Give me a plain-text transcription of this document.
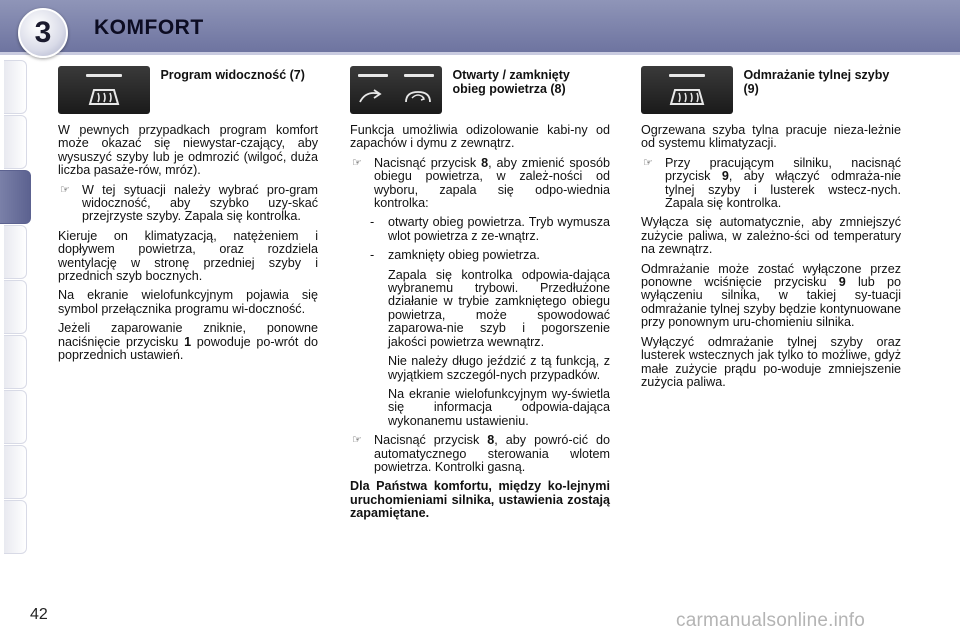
3	KOMFORT
Program widoczność (7)

W pewnych przypadkach program komfort może okazać się niewystar-czający, aby wysuszyć szyby lub je odmrozić (wilgoć, duża liczba pasaże-rów, mróz).

☞ W tej sytuacji należy wybrać pro-gram widoczność, aby szybko uzy-skać przejrzyste szyby. Zapala się kontrolka.

Kieruje on klimatyzacją, natężeniem i dopływem powietrza, oraz rozdziela wentylację w stronę przedniej szyby i przednich szyb bocznych.

Na ekranie wielofunkcyjnym pojawia się symbol przełącznika programu wi-doczność.

Jeżeli zaparowanie zniknie, ponowne naciśnięcie przycisku 1 powoduje po-wrót do poprzednich ustawień.

Otwarty / zamknięty obieg powietrza (8)

Funkcja umożliwia odizolowanie kabi-ny od zapachów i dymu z zewnątrz.

☞ Nacisnąć przycisk 8, aby zmienić sposób obiegu powietrza, w zależ-ności od wyboru, zapala się odpo-wiednia kontrolka:
-	otwarty obieg powietrza. Tryb wymusza wlot powietrza z ze-wnątrz.
-	zamknięty obieg powietrza.

Zapala się kontrolka odpowia-dająca wybranemu trybowi. Przedłużone działanie w trybie zamkniętego obiegu powietrza, może spowodować zaparowa-nie szyb i pogorszenie jakości powietrza wewnątrz.

Nie należy długo jeździć z tą funkcją, z wyjątkiem szczegól-nych przypadków.

Na ekranie wielofunkcyjnym wy-świetla się informacja odpowia-dająca wykonanemu ustawieniu.

☞ Nacisnąć przycisk 8, aby powró-cić do automatycznego sterowania wlotem powietrza. Kontrolki gasną.

Dla Państwa komfortu, między ko-lejnymi uruchomieniami silnika, ustawienia zostają zapamiętane.

Odmrażanie tylnej szyby (9)

Ogrzewana szyba tylna pracuje nieza-leżnie od systemu klimatyzacji.

☞ Przy pracującym silniku, nacisnąć przycisk 9, aby włączyć odmraża-nie tylnej szyby i lusterek wstecz-nych. Zapala się kontrolka.

Wyłącza się automatycznie, aby zmniejszyć zużycie paliwa, w zależno-ści od temperatury na zewnątrz.

Odmrażanie może zostać wyłączone przez ponowne wciśnięcie przycisku 9 lub po wyłączeniu silnika, w takiej sy-tuacji odmrażanie tylnej szyby będzie kontynuowane przy ponownym uru-chomieniu silnika.

Wyłączyć odmrażanie tylnej szyby oraz lusterek wstecznych jak tylko to możliwe, gdyż małe zużycie prądu po-woduje zmniejszenie zużycia paliwa.

42	carmanualsonline.info
